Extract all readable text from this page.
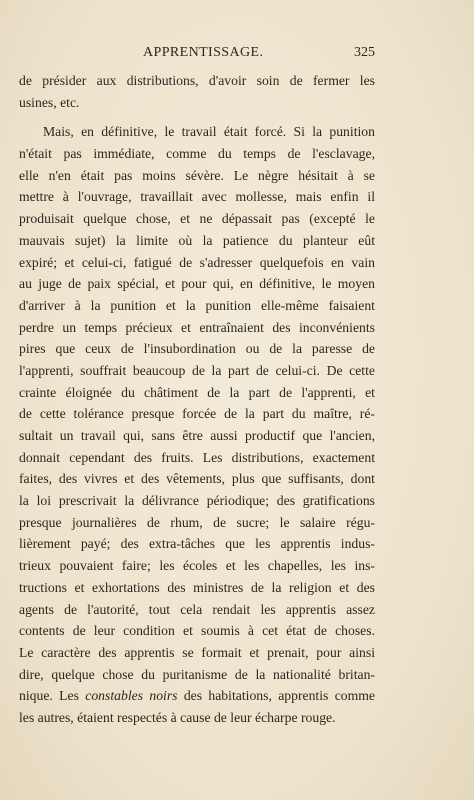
APPRENTISSAGE.	325
de présider aux distributions, d'avoir soin de fermer les
usines, etc.
Mais, en définitive, le travail était forcé. Si la punition
n'était pas immédiate, comme du temps de l'esclavage,
elle n'en était pas moins sévère. Le nègre hésitait à se
mettre à l'ouvrage, travaillait avec mollesse, mais enfin il
produisait quelque chose, et ne dépassait pas (excepté le
mauvais sujet) la limite où la patience du planteur eût
expiré; et celui-ci, fatigué de s'adresser quelquefois en vain
au juge de paix spécial, et pour qui, en définitive, le moyen
d'arriver à la punition et la punition elle-même faisaient
perdre un temps précieux et entraînaient des inconvénients
pires que ceux de l'insubordination ou de la paresse de
l'apprenti, souffrait beaucoup de la part de celui-ci. De cette
crainte éloignée du châtiment de la part de l'apprenti, et
de cette tolérance presque forcée de la part du maître, ré-
sultait un travail qui, sans être aussi productif que l'ancien,
donnait cependant des fruits. Les distributions, exactement
faites, des vivres et des vêtements, plus que suffisants, dont
la loi prescrivait la délivrance périodique; des gratifications
presque journalières de rhum, de sucre; le salaire régu-
lièrement payé; des extra-tâches que les apprentis indus-
trieux pouvaient faire; les écoles et les chapelles, les ins-
tructions et exhortations des ministres de la religion et des
agents de l'autorité, tout cela rendait les apprentis assez
contents de leur condition et soumis à cet état de choses.
Le caractère des apprentis se formait et prenait, pour ainsi
dire, quelque chose du puritanisme de la nationalité britan-
nique. Les constables noirs des habitations, apprentis comme
les autres, étaient respectés à cause de leur écharpe rouge.
